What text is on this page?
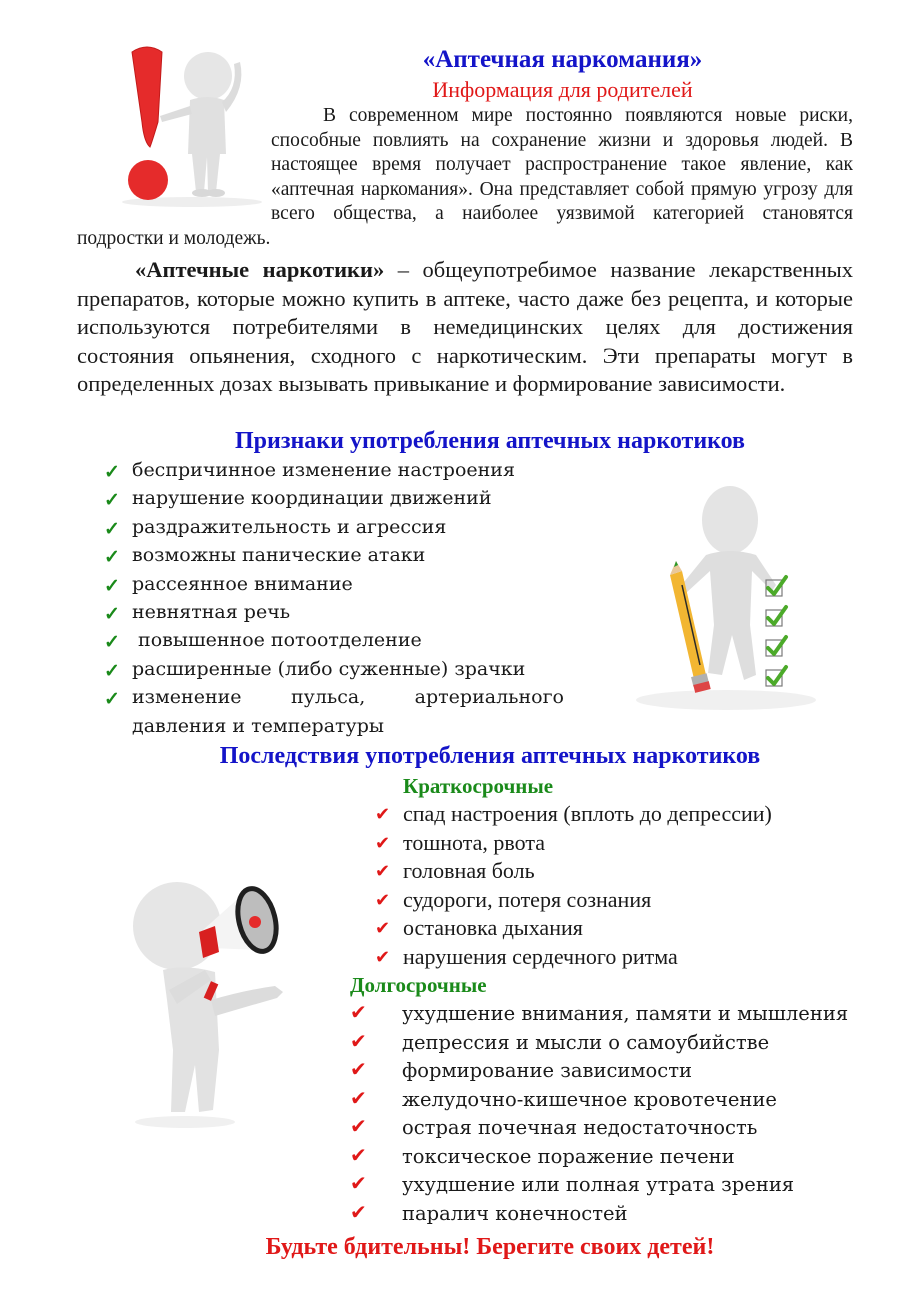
«Аптечная наркомания»
Информация для родителей

В современном мире постоянно появляются новые риски, способные повлиять на сохранение жизни и здоровья людей. В настоящее время получает распространение такое явление, как «аптечная наркомания». Она представляет собой прямую угрозу для всего общества, а наиболее уязвимой категорией становятся подростки и молодежь.

«Аптечные наркотики» – общеупотребимое название лекарственных препаратов, которые можно купить в аптеке, часто даже без рецепта, и которые используются потребителями в немедицинских целях для достижения состояния опьянения, сходного с наркотическим. Эти препараты могут в определенных дозах вызывать привыкание и формирование зависимости.

Признаки употребления аптечных наркотиков
✓ беспричинное изменение настроения
✓ нарушение координации движений
✓ раздражительность и агрессия
✓ возможны панические атаки
✓ рассеянное внимание
✓ невнятная речь
✓ повышенное потоотделение
✓ расширенные (либо суженные) зрачки
✓ изменение пульса, артериального
давления и температуры
Последствия употребления аптечных наркотиков
Краткосрочные
✔ спад настроения (вплоть до депрессии)
✔ тошнота, рвота
✔ головная боль
✔ судороги, потеря сознания
✔ остановка дыхания
✔ нарушения сердечного ритма
Долгосрочные
✔ ухудшение внимания, памяти и мышления
✔ депрессия и мысли о самоубийстве
✔ формирование зависимости
✔ желудочно-кишечное кровотечение
✔ острая почечная недостаточность
✔ токсическое поражение печени
✔ ухудшение или полная утрата зрения
✔ паралич конечностей
Будьте бдительны! Берегите своих детей!
